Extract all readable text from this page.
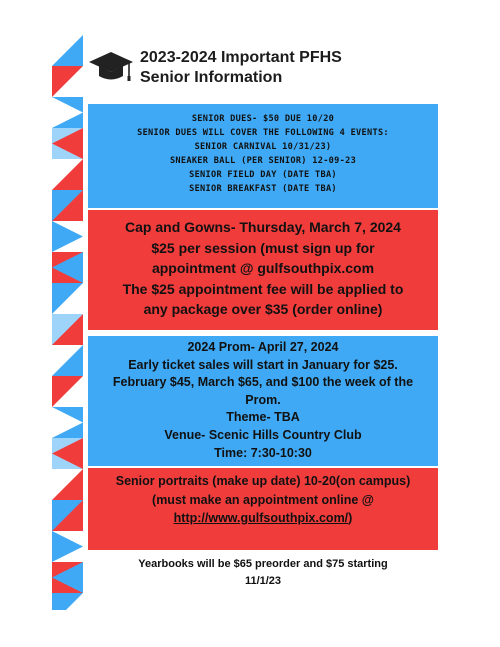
2023-2024 Important PFHS
Senior Information
SENIOR DUES- $50 DUE 10/20
SENIOR DUES WILL COVER THE FOLLOWING 4 EVENTS:
SENIOR CARNIVAL 10/31/23)
SNEAKER BALL (PER SENIOR) 12-09-23
SENIOR FIELD DAY (DATE TBA)
SENIOR BREAKFAST (DATE TBA)
Cap and Gowns- Thursday, March 7, 2024
$25 per session (must sign up for
appointment @ gulfsouthpix.com
The $25 appointment fee will be applied to
any package over $35 (order online)
2024 Prom- April 27, 2024
Early ticket sales will start in January for $25.
February $45, March $65, and $100 the week of the
Prom.
Theme- TBA
Venue- Scenic Hills Country Club
Time: 7:30-10:30
Senior portraits (make up date) 10-20(on campus)
(must make an appointment online @
http://www.gulfsouthpix.com/)
Yearbooks will be $65 preorder and $75 starting
11/1/23
